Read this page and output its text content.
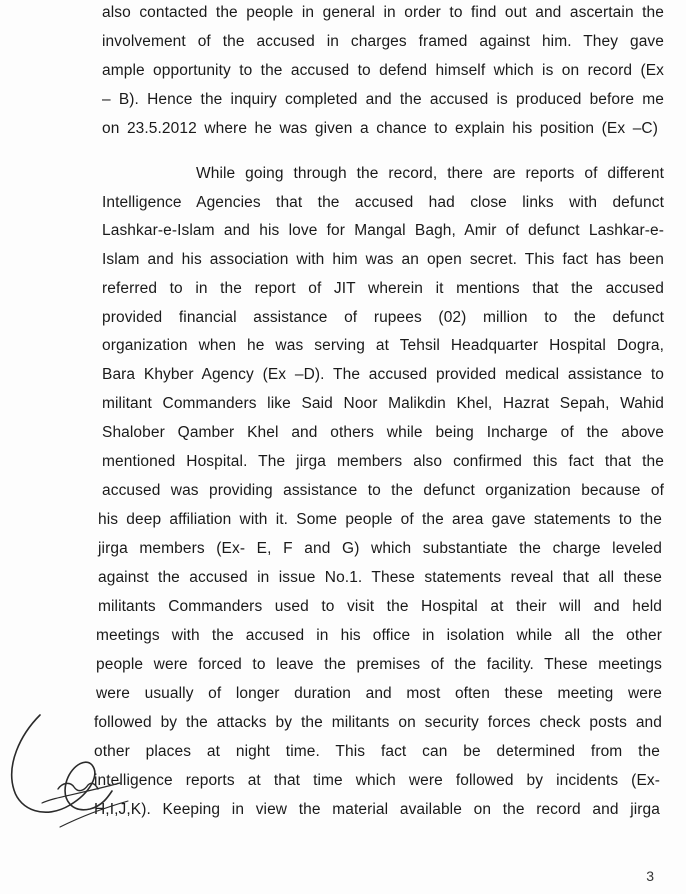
also contacted the people in general in order to find out and ascertain the
involvement of the accused in charges framed against him. They gave
ample opportunity to the accused to defend himself which is on record (Ex
– B). Hence the inquiry completed and the accused is produced before me
on 23.5.2012 where he was given a chance to explain his position (Ex –C)
While going through the record, there are reports of different
Intelligence Agencies that the accused had close links with defunct
Lashkar-e-Islam and his love for Mangal Bagh, Amir of defunct Lashkar-e-
Islam and his association with him was an open secret. This fact has been
referred to in the report of JIT wherein it mentions that the accused
provided financial assistance of rupees (02) million to the defunct
organization when he was serving at Tehsil Headquarter Hospital Dogra,
Bara Khyber Agency (Ex –D). The accused provided medical assistance to
militant Commanders like Said Noor Malikdin Khel, Hazrat Sepah, Wahid
Shalober Qamber Khel and others while being Incharge of the above
mentioned Hospital. The jirga members also confirmed this fact that the
accused was providing assistance to the defunct organization because of
his deep affiliation with it. Some people of the area gave statements to the
jirga members (Ex- E, F and G) which substantiate the charge leveled
against the accused in issue No.1. These statements reveal that all these
militants Commanders used to visit the Hospital at their will and held
meetings with the accused in his office in isolation while all the other
people were forced to leave the premises of the facility. These meetings
were usually of longer duration and most often these meeting were
followed by the attacks by the militants on security forces check posts and
other places at night time. This fact can be determined from the
intelligence reports at that time which were followed by incidents (Ex-
H,I,J,K). Keeping in view the material available on the record and jirga
3
